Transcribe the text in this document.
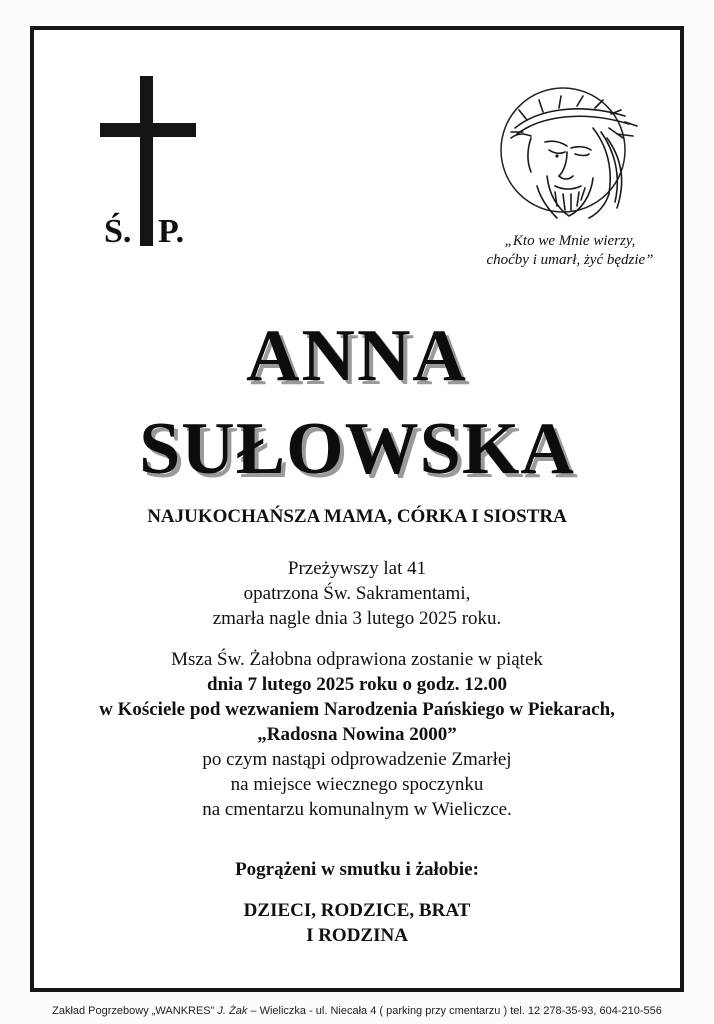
Ś. P.	„Kto we Mnie wierzy,
choćby i umarł, żyć będzie”
ANNA
SUŁOWSKA
NAJUKOCHAŃSZA MAMA, CÓRKA I SIOSTRA
Przeżywszy lat 41
opatrzona Św. Sakramentami,
zmarła nagle dnia 3 lutego 2025 roku.
Msza Św. Żałobna odprawiona zostanie w piątek
dnia 7 lutego 2025 roku o godz. 12.00
w Kościele pod wezwaniem Narodzenia Pańskiego w Piekarach,
„Radosna Nowina 2000”
po czym nastąpi odprowadzenie Zmarłej
na miejsce wiecznego spoczynku
na cmentarzu komunalnym w Wieliczce.
Pogrążeni w smutku i żałobie:
DZIECI, RODZICE, BRAT
I RODZINA
Zakład Pogrzebowy „WANKRES” J. Żak – Wieliczka - ul. Niecała 4 ( parking przy cmentarzu ) tel. 12 278-35-93, 604-210-556
